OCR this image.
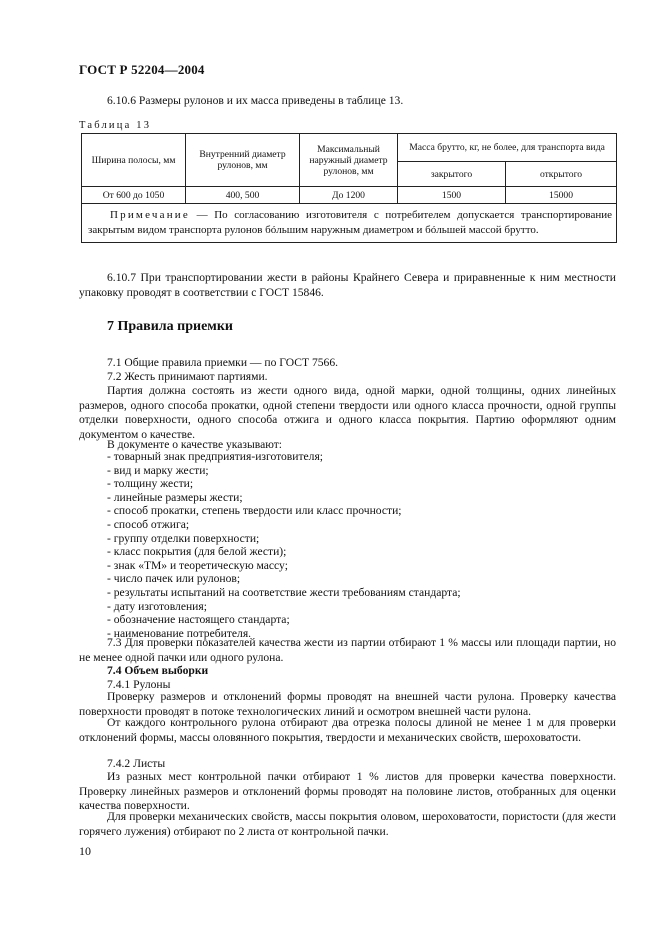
ГОСТ Р 52204—2004
6.10.6 Размеры рулонов и их масса приведены в таблице 13.
Таблица 13
Ширина полосы, мм	Внутренний диаметр рулонов, мм	Максимальный наружный диаметр рулонов, мм	Масса брутто, кг, не более, для транспорта вида	
			закрытого	открытого
От 600 до 1050	400, 500	До 1200	1500	15000
Примечание — По согласованию изготовителя с потребителем допускается транспортирование закрытым видом транспорта рулонов бóльшим наружным диаметром и бóльшей массой брутто.				
6.10.7 При транспортировании жести в районы Крайнего Севера и приравненные к ним местности упаковку проводят в соответствии с ГОСТ 15846.
7 Правила приемки
7.1 Общие правила приемки — по ГОСТ 7566.
7.2 Жесть принимают партиями.
Партия должна состоять из жести одного вида, одной марки, одной толщины, одних линейных размеров, одного способа прокатки, одной степени твердости или одного класса прочности, одной группы отделки поверхности, одного способа отжига и одного класса покрытия. Партию оформляют одним документом о качестве.
В документе о качестве указывают:
- товарный знак предприятия-изготовителя;
- вид и марку жести;
- толщину жести;
- линейные размеры жести;
- способ прокатки, степень твердости или класс прочности;
- способ отжига;
- группу отделки поверхности;
- класс покрытия (для белой жести);
- знак «ТМ» и теоретическую массу;
- число пачек или рулонов;
- результаты испытаний на соответствие жести требованиям стандарта;
- дату изготовления;
- обозначение настоящего стандарта;
- наименование потребителя.
7.3 Для проверки показателей качества жести из партии отбирают 1 % массы или площади партии, но не менее одной пачки или одного рулона.
7.4 Объем выборки
7.4.1 Рулоны
Проверку размеров и отклонений формы проводят на внешней части рулона. Проверку качества поверхности проводят в потоке технологических линий и осмотром внешней части рулона.
От каждого контрольного рулона отбирают два отрезка полосы длиной не менее 1 м для проверки отклонений формы, массы оловянного покрытия, твердости и механических свойств, шероховатости.
7.4.2 Листы
Из разных мест контрольной пачки отбирают 1 % листов для проверки качества поверхности. Проверку линейных размеров и отклонений формы проводят на половине листов, отобранных для оценки качества поверхности.
Для проверки механических свойств, массы покрытия оловом, шероховатости, пористости (для жести горячего лужения) отбирают по 2 листа от контрольной пачки.
10
